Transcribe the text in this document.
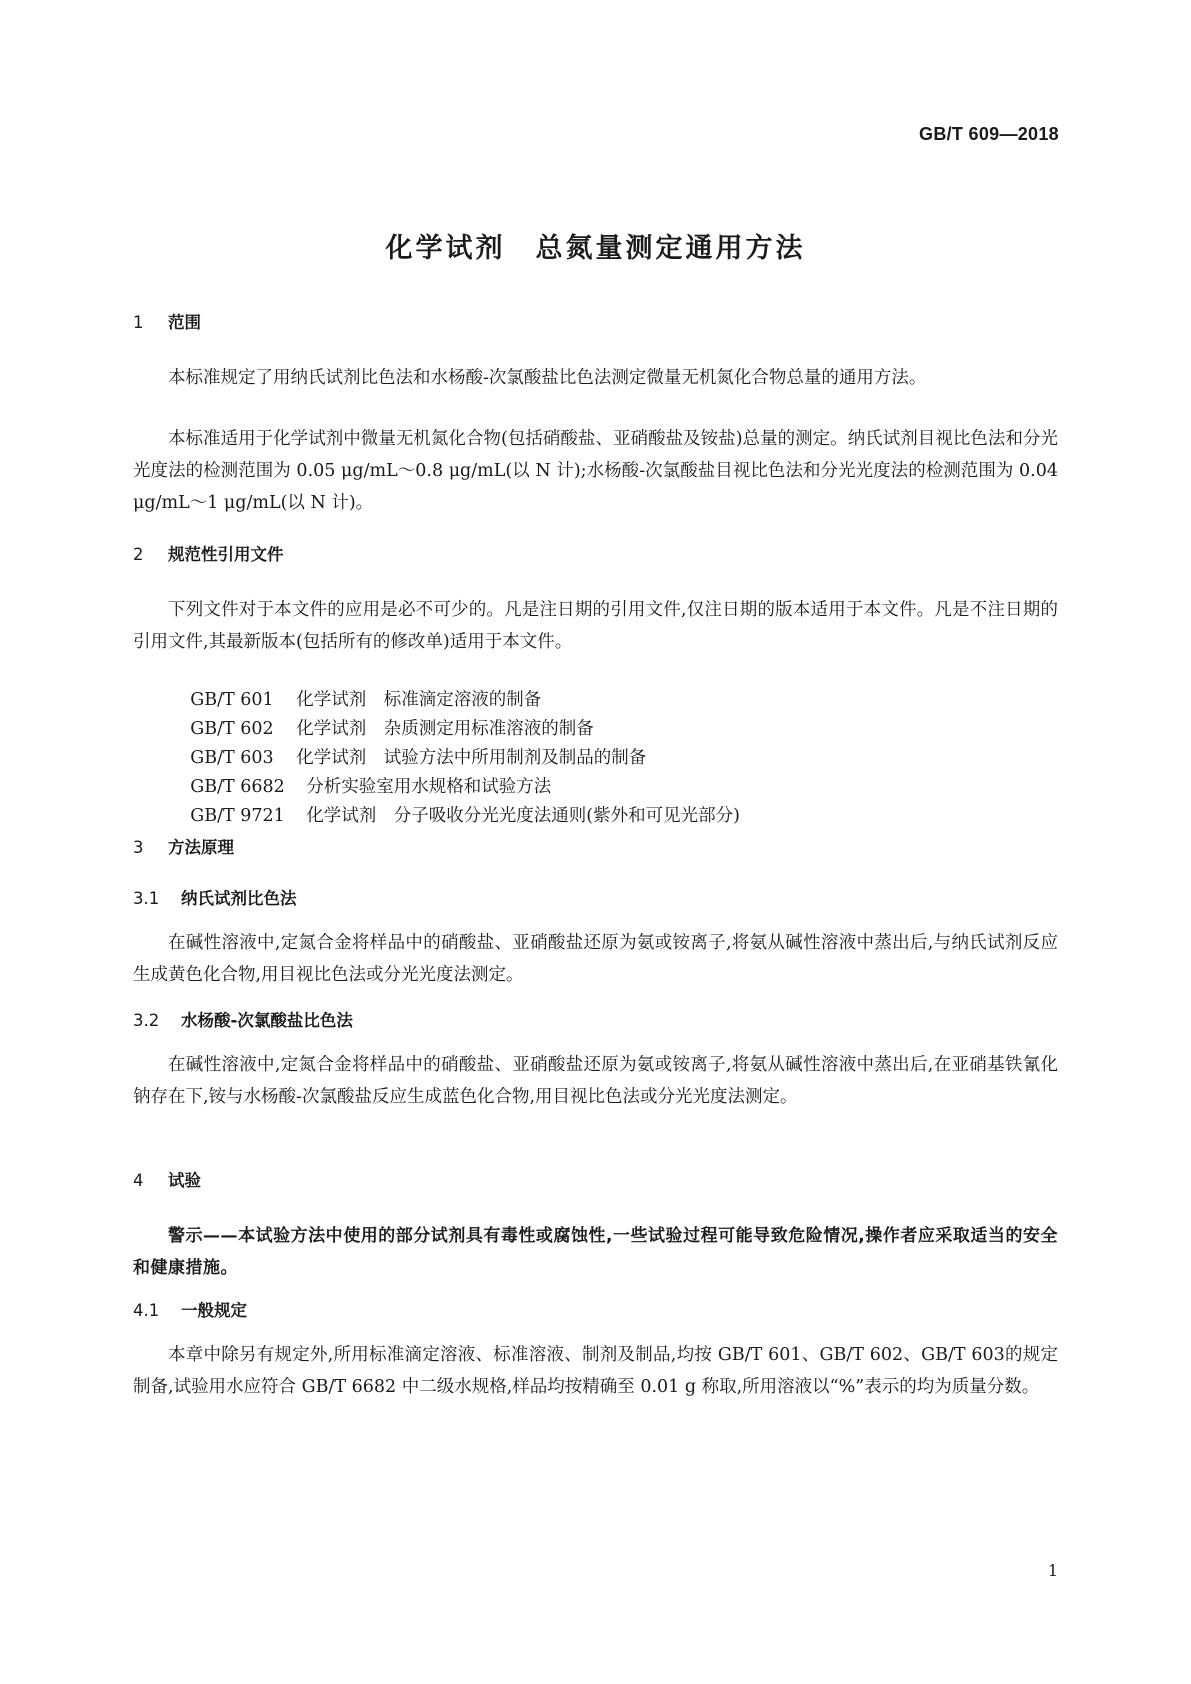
GB/T 609—2018
化学试剂　总氮量测定通用方法
1 范围

本标准规定了用纳氏试剂比色法和水杨酸-次氯酸盐比色法测定微量无机氮化合物总量的通用方法。

本标准适用于化学试剂中微量无机氮化合物(包括硝酸盐、亚硝酸盐及铵盐)总量的测定。纳氏试剂目视比色法和分光光度法的检测范围为 0.05 μg/mL～0.8 μg/mL(以 N 计);水杨酸-次氯酸盐目视比色法和分光光度法的检测范围为 0.04 μg/mL～1 μg/mL(以 N 计)。

2 规范性引用文件

下列文件对于本文件的应用是必不可少的。凡是注日期的引用文件,仅注日期的版本适用于本文件。凡是不注日期的引用文件,其最新版本(包括所有的修改单)适用于本文件。

GB/T 601 化学试剂　标准滴定溶液的制备

GB/T 602 化学试剂　杂质测定用标准溶液的制备

GB/T 603 化学试剂　试验方法中所用制剂及制品的制备

GB/T 6682 分析实验室用水规格和试验方法

GB/T 9721 化学试剂　分子吸收分光光度法通则(紫外和可见光部分)

3 方法原理
3.1 纳氏试剂比色法

在碱性溶液中,定氮合金将样品中的硝酸盐、亚硝酸盐还原为氨或铵离子,将氨从碱性溶液中蒸出后,与纳氏试剂反应生成黄色化合物,用目视比色法或分光光度法测定。

3.2 水杨酸-次氯酸盐比色法

在碱性溶液中,定氮合金将样品中的硝酸盐、亚硝酸盐还原为氨或铵离子,将氨从碱性溶液中蒸出后,在亚硝基铁氰化钠存在下,铵与水杨酸-次氯酸盐反应生成蓝色化合物,用目视比色法或分光光度法测定。

4 试验

警示——本试验方法中使用的部分试剂具有毒性或腐蚀性,一些试验过程可能导致危险情况,操作者应采取适当的安全和健康措施。

4.1 一般规定

本章中除另有规定外,所用标准滴定溶液、标准溶液、制剂及制品,均按 GB/T 601、GB/T 602、GB/T 603的规定制备,试验用水应符合 GB/T 6682 中二级水规格,样品均按精确至 0.01 g 称取,所用溶液以“%”表示的均为质量分数。

1
